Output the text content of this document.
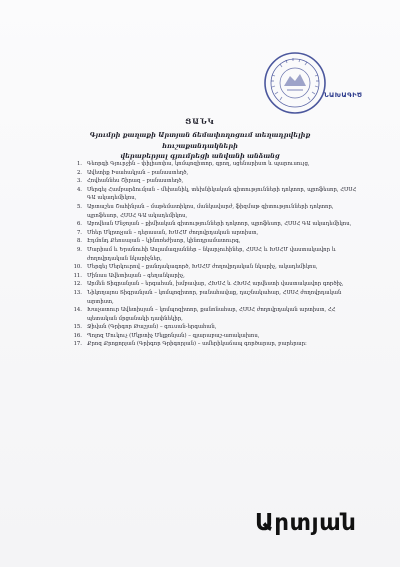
ՆԱԽԱԳԻԾ
ՑԱՆԿ
Գյումրի քաղաքի Արտյան ճեմափողոցում տեղադրվելիք հուշաքանդակների
վերաբերյալ գյումրեցի անվանի անձանց
1. Գեորգի Գյուրջին – փիլիսոփա, կոմպոզիտոր, գրող, սցենարիստ և պարուսույց,
2. Ավետիք Իսահակյան – բանաստեղծ,
3. Հովհաննես Շիրազ – բանաստեղծ,
4. Սերգեյ Համբարձումյան – մեխանիկ, տեխնիկական գիտությունների դոկտոր, պրոֆեսոր, ՀՍՍՀ ԳԱ ակադեմիկոս,
5. Արտաշես Շահինյան – մաթեմատիկոս, մանկավարժ, ֆիզմաթ գիտությունների դոկտոր, պրոֆեսոր, ՀՍՍՀ ԳԱ ակադեմիկոս,
6. Աբովեան Մնջոյան – քիմիական գիտությունների դոկտոր, պրոֆեսոր, ՀՍՍՀ ԳԱ ակադեմիկոս,
7. Մհեր Մկրտչյան – դերասան, ԽՍՀՄ ժողովրդական արտիստ,
8. Էդմոնդ Քեոսայան – կինոռեժիսոր, կինոդրամատուրգ,
9. Մարիամ և Երանուհի Ասլամազյաններ – նկարչուհիներ, ՀՍՍՀ և ԽՍՀՄ վաստակավոր և ժողովրդական նկարիչներ,
10. Մերգեյ Մերկուրով – քանդակագործ, ԽՍՀՄ ժողովրդական նկարիչ, ակադեմիկոս,
11. Մինաս Ավետիսյան – գեղանկարիչ,
12. Արմեն Տիգրանյան – երգահան, խմբավար, ՀԽՍՀ և ՀԽՍՀ արվեստի վաստակավոր գործիչ,
13. Նիկողայոս Տիգրանյան – կոմպոզիտոր, բանահավաք, դաշնակահար, ՀՍՍՀ ժողովրդական արտիստ,
14. Խաչատուր Ավետիսյան – կոմպոզիտոր, քանոնահար, ՀՍՍՀ ժողովրդական արտիստ, ՀՀ պետական մրցանակի դափնեկիր,
15. Ջիվան (Գրիգոր Թաշյան) – գուսան-երգահան,
16. Պոլոզ Մուկուչ (Մկրտիչ Մելքոնյան) – գյարաբաշ-առակախոս,
17. Քրոզ Քրոքորյան (Գրիգոր Գրիգորյան) – ամերիկաճապ գործարար, բարերար:
Արտյան
